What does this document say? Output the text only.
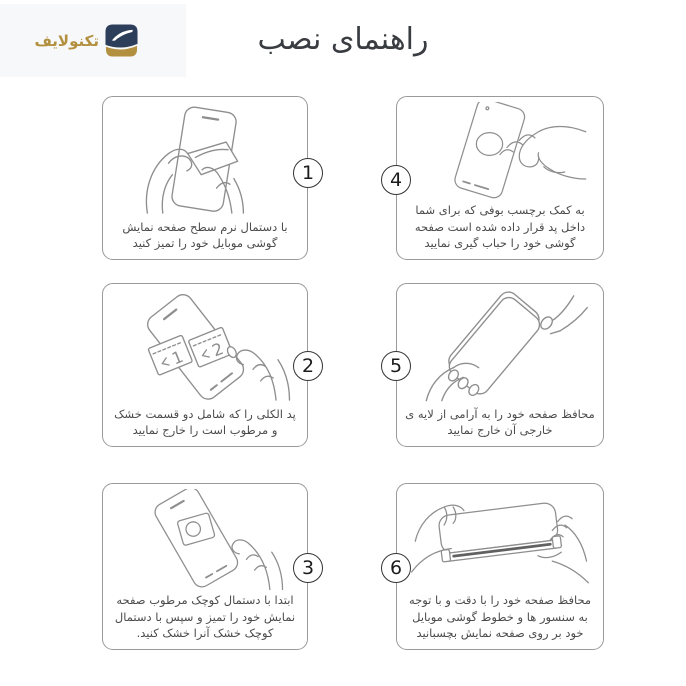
تکنولایف	راهنمای نصب
1
با دستمال نرم سطح صفحه نمایش
گوشی موبایل خود را تمیز کنید
2
1 2
پد الکلی را که شامل دو قسمت خشک
و مرطوب است را خارج نمایید
3
ابتدا با دستمال کوچک مرطوب صفحه
نمایش خود را تمیز و سپس با دستمال
کوچک خشک آنرا خشک کنید.
4
به کمک برچسب بوفی که برای شما
داخل پد قرار داده شده است صفحه
گوشی خود را حباب گیری نمایید
5
محافظ صفحه خود را به آرامی از لایه ی
خارجی آن خارج نمایید
6
محافظ صفحه خود را با دقت و با توجه
به سنسور ها و خطوط گوشی موبایل
خود بر روی صفحه نمایش بچسبانید
